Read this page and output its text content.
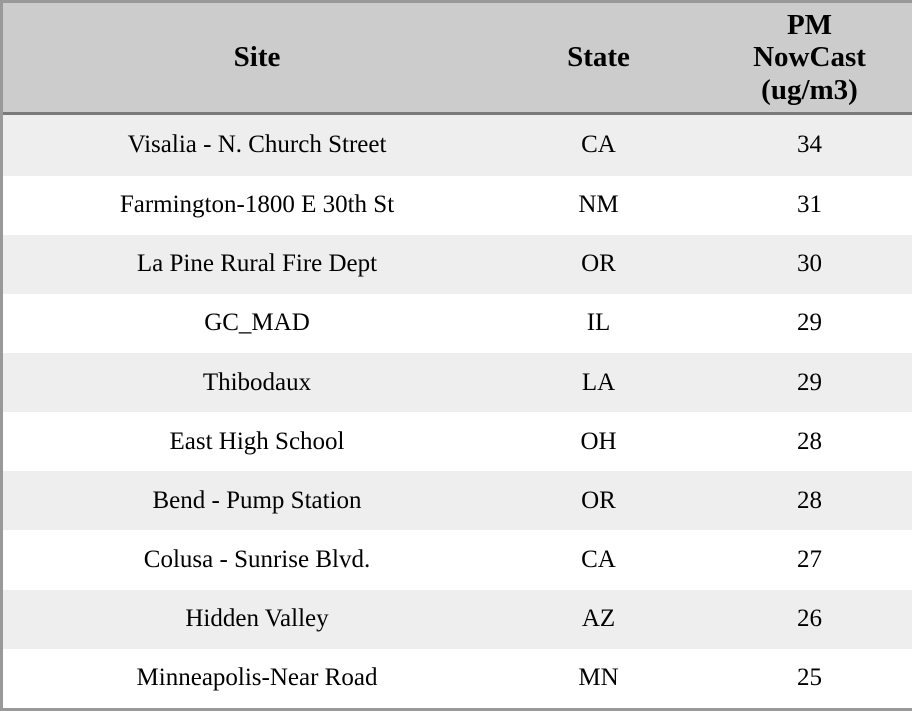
Site	State	PM
NowCast
(ug/m3)

Visalia - N. Church Street	CA	34
Farmington-1800 E 30th St	NM	31
La Pine Rural Fire Dept	OR	30
GC_MAD	IL	29
Thibodaux	LA	29
East High School	OH	28
Bend - Pump Station	OR	28
Colusa - Sunrise Blvd.	CA	27
Hidden Valley	AZ	26
Minneapolis-Near Road	MN	25
